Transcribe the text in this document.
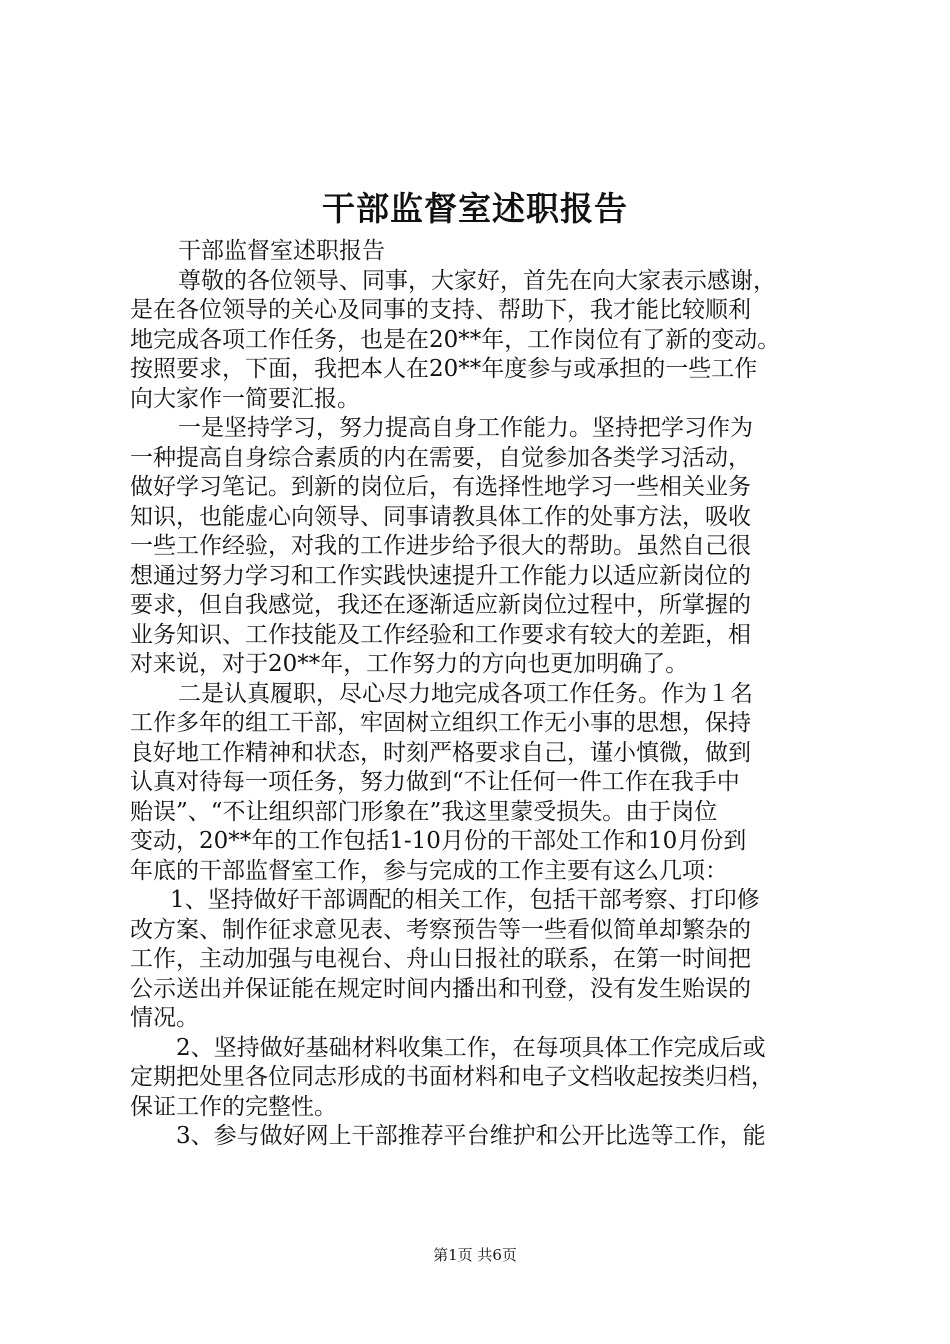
干部监督室述职报告
干部监督室述职报告
尊敬的各位领导、同事，大家好，首先在向大家表示感谢，
是在各位领导的关心及同事的支持、帮助下，我才能比较顺利
地完成各项工作任务，也是在20**年，工作岗位有了新的变动。
按照要求，下面，我把本人在20**年度参与或承担的一些工作
向大家作一简要汇报。
一是坚持学习，努力提高自身工作能力。坚持把学习作为
一种提高自身综合素质的内在需要，自觉参加各类学习活动，
做好学习笔记。到新的岗位后，有选择性地学习一些相关业务
知识，也能虚心向领导、同事请教具体工作的处事方法，吸收
一些工作经验，对我的工作进步给予很大的帮助。虽然自己很
想通过努力学习和工作实践快速提升工作能力以适应新岗位的
要求，但自我感觉，我还在逐渐适应新岗位过程中，所掌握的
业务知识、工作技能及工作经验和工作要求有较大的差距，相
对来说，对于20**年，工作努力的方向也更加明确了。
二是认真履职，尽心尽力地完成各项工作任务。作为１名
工作多年的组工干部，牢固树立组织工作无小事的思想，保持
良好地工作精神和状态，时刻严格要求自己，谨小慎微，做到
认真对待每一项任务，努力做到“不让任何一件工作在我手中
贻误”、“不让组织部门形象在”我这里蒙受损失。由于岗位
变动，20**年的工作包括1-10月份的干部处工作和10月份到
年底的干部监督室工作，参与完成的工作主要有这么几项：
1、坚持做好干部调配的相关工作，包括干部考察、打印修
改方案、制作征求意见表、考察预告等一些看似简单却繁杂的
工作，主动加强与电视台、舟山日报社的联系，在第一时间把
公示送出并保证能在规定时间内播出和刊登，没有发生贻误的
情况。
2、坚持做好基础材料收集工作，在每项具体工作完成后或
定期把处里各位同志形成的书面材料和电子文档收起按类归档，
保证工作的完整性。
3、参与做好网上干部推荐平台维护和公开比选等工作，能
第1页 共6页
